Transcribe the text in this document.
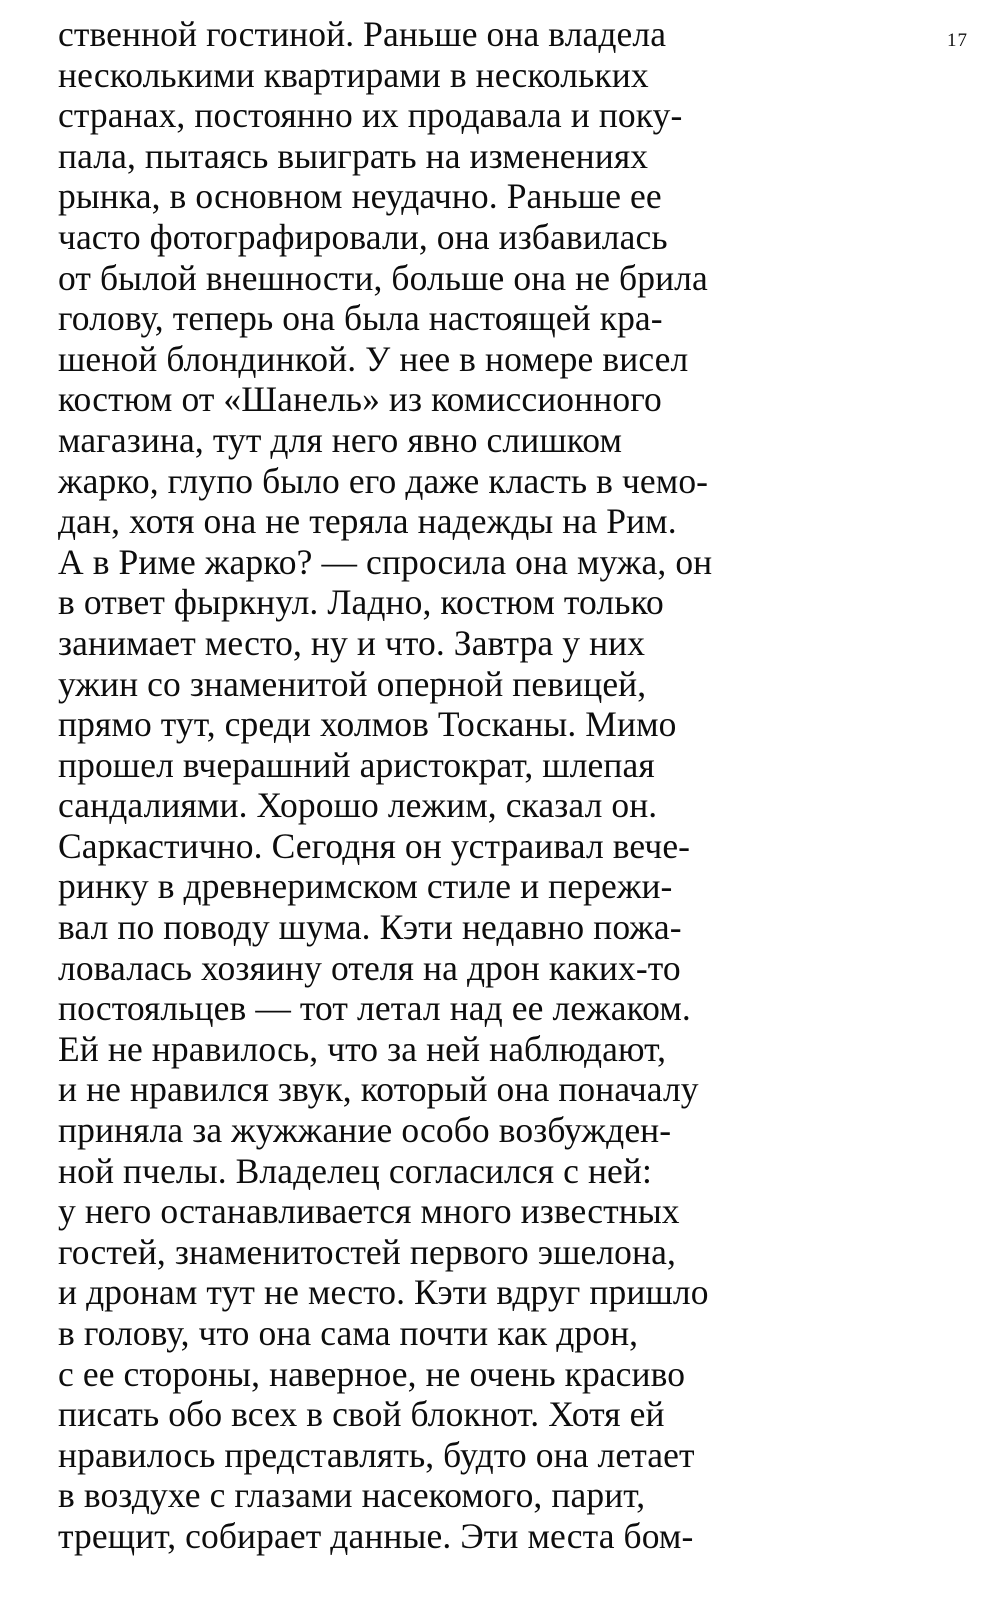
17
ственной гостиной. Раньше она владела
несколькими квартирами в нескольких
странах, постоянно их продавала и поку-
пала, пытаясь выиграть на изменениях
рынка, в основном неудачно. Раньше ее
часто фотографировали, она избавилась
от былой внешности, больше она не брила
голову, теперь она была настоящей кра-
шеной блондинкой. У нее в номере висел
костюм от «Шанель» из комиссионного
магазина, тут для него явно слишком
жарко, глупо было его даже класть в чемо-
дан, хотя она не теряла надежды на Рим.
А в Риме жарко? — спросила она мужа, он
в ответ фыркнул. Ладно, костюм только
занимает место, ну и что. Завтра у них
ужин со знаменитой оперной певицей,
прямо тут, среди холмов Тосканы. Мимо
прошел вчерашний аристократ, шлепая
сандалиями. Хорошо лежим, сказал он.
Саркастично. Сегодня он устраивал вече-
ринку в древнеримском стиле и пережи-
вал по поводу шума. Кэти недавно пожа-
ловалась хозяину отеля на дрон каких-то
постояльцев — тот летал над ее лежаком.
Ей не нравилось, что за ней наблюдают,
и не нравился звук, который она поначалу
приняла за жужжание особо возбужден-
ной пчелы. Владелец согласился с ней:
у него останавливается много известных
гостей, знаменитостей первого эшелона,
и дронам тут не место. Кэти вдруг пришло
в голову, что она сама почти как дрон,
с ее стороны, наверное, не очень красиво
писать обо всех в свой блокнот. Хотя ей
нравилось представлять, будто она летает
в воздухе с глазами насекомого, парит,
трещит, собирает данные. Эти места бом-
